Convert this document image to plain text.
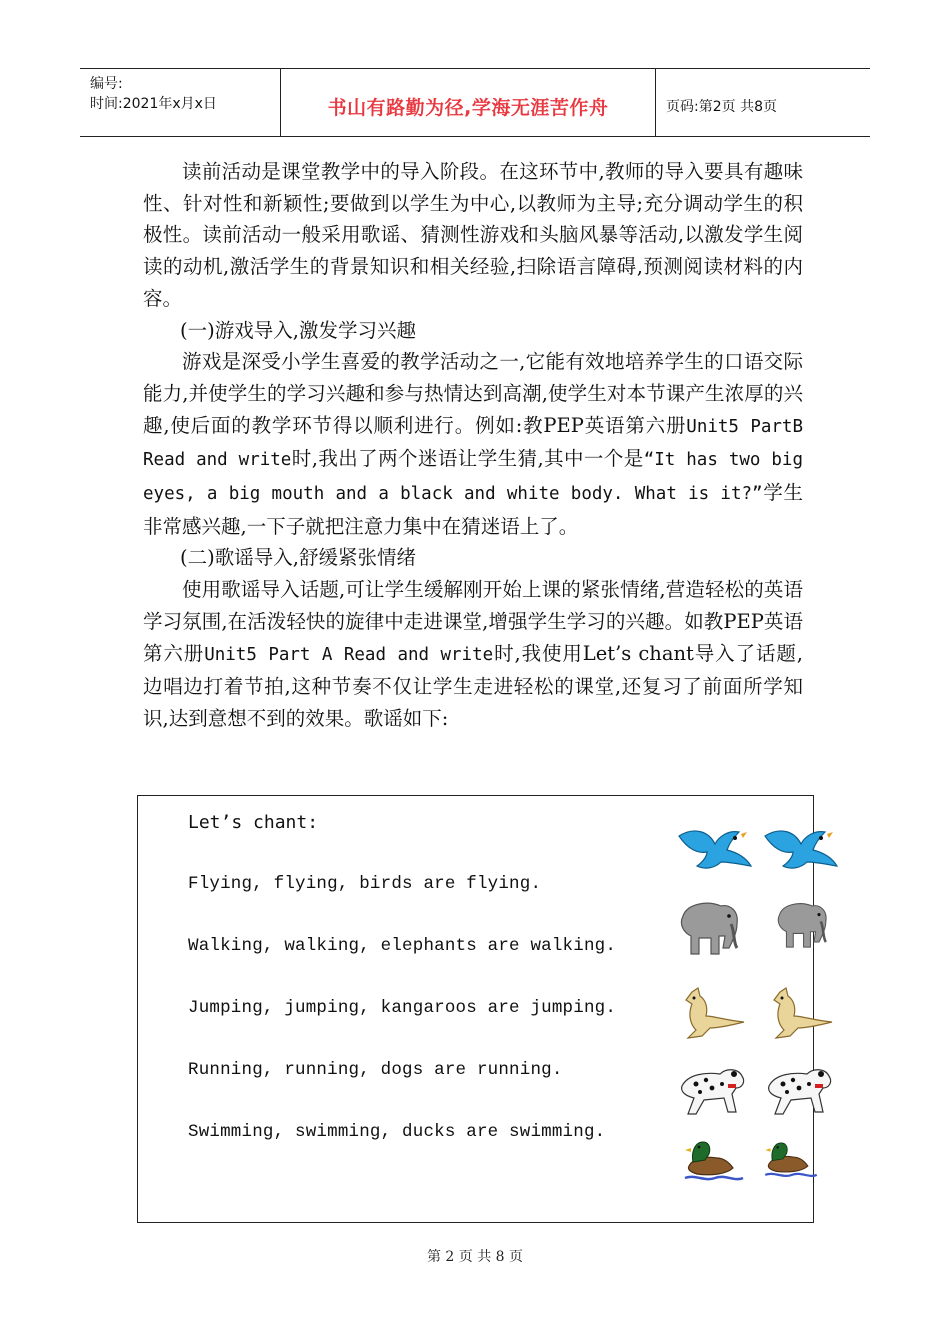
编号:
时间:2021年x月x日	书山有路勤为径,学海无涯苦作舟	页码:第2页 共8页

读前活动是课堂教学中的导入阶段。在这环节中,教师的导入要具有趣味性、针对性和新颖性;要做到以学生为中心,以教师为主导;充分调动学生的积极性。读前活动一般采用歌谣、猜测性游戏和头脑风暴等活动,以激发学生阅读的动机,激活学生的背景知识和相关经验,扫除语言障碍,预测阅读材料的内容。

(一)游戏导入,激发学习兴趣

游戏是深受小学生喜爱的教学活动之一,它能有效地培养学生的口语交际能力,并使学生的学习兴趣和参与热情达到高潮,使学生对本节课产生浓厚的兴趣,使后面的教学环节得以顺利进行。例如:教PEP英语第六册Unit5 PartB Read and write时,我出了两个迷语让学生猜,其中一个是“It has two big eyes, a big mouth and a black and white body. What is it?”学生非常感兴趣,一下子就把注意力集中在猜迷语上了。

(二)歌谣导入,舒缓紧张情绪

使用歌谣导入话题,可让学生缓解刚开始上课的紧张情绪,营造轻松的英语学习氛围,在活泼轻快的旋律中走进课堂,增强学生学习的兴趣。如教PEP英语第六册Unit5 Part A Read and write时,我使用Let’s chant导入了话题,边唱边打着节拍,这种节奏不仅让学生走进轻松的课堂,还复习了前面所学知识,达到意想不到的效果。歌谣如下:

Let’s chant:
Flying, flying, birds are flying.
Walking, walking, elephants are walking.
Jumping, jumping, kangaroos are jumping.
Running, running, dogs are running.
Swimming, swimming, ducks are swimming.
第 2 页 共 8 页
